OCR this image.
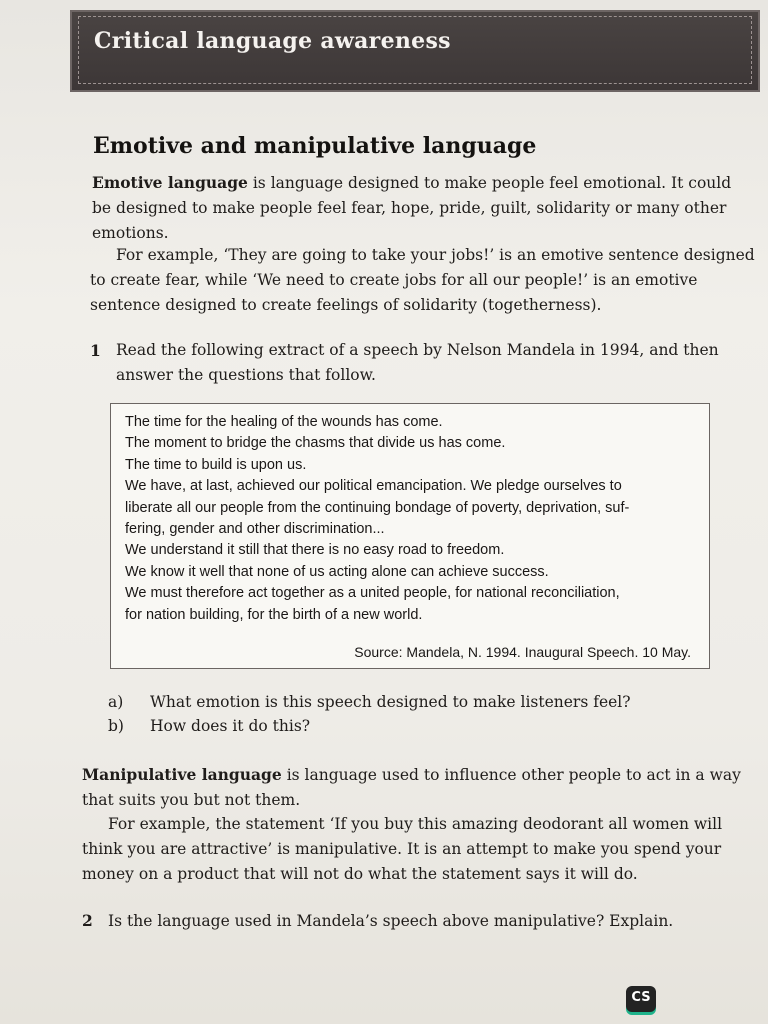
Critical language awareness
Emotive and manipulative language

Emotive language is language designed to make people feel emotional. It could be designed to make people feel fear, hope, pride, guilt, solidarity or many other emotions.

For example, ‘They are going to take your jobs!’ is an emotive sentence designed to create fear, while ‘We need to create jobs for all our people!’ is an emotive sentence designed to create feelings of solidarity (togetherness).

1 Read the following extract of a speech by Nelson Mandela in 1994, and then answer the questions that follow.

The time for the healing of the wounds has come.
The moment to bridge the chasms that divide us has come.
The time to build is upon us.
We have, at last, achieved our political emancipation. We pledge ourselves to
liberate all our people from the continuing bondage of poverty, deprivation, suf-
fering, gender and other discrimination...
We understand it still that there is no easy road to freedom.
We know it well that none of us acting alone can achieve success.
We must therefore act together as a united people, for national reconciliation,
for nation building, for the birth of a new world.
Source: Mandela, N. 1994. Inaugural Speech. 10 May.
a) What emotion is this speech designed to make listeners feel?
b) How does it do this?

Manipulative language is language used to influence other people to act in a way that suits you but not them.

For example, the statement ‘If you buy this amazing deodorant all women will think you are attractive’ is manipulative. It is an attempt to make you spend your money on a product that will not do what the statement says it will do.

2 Is the language used in Mandela’s speech above manipulative? Explain.

CS
